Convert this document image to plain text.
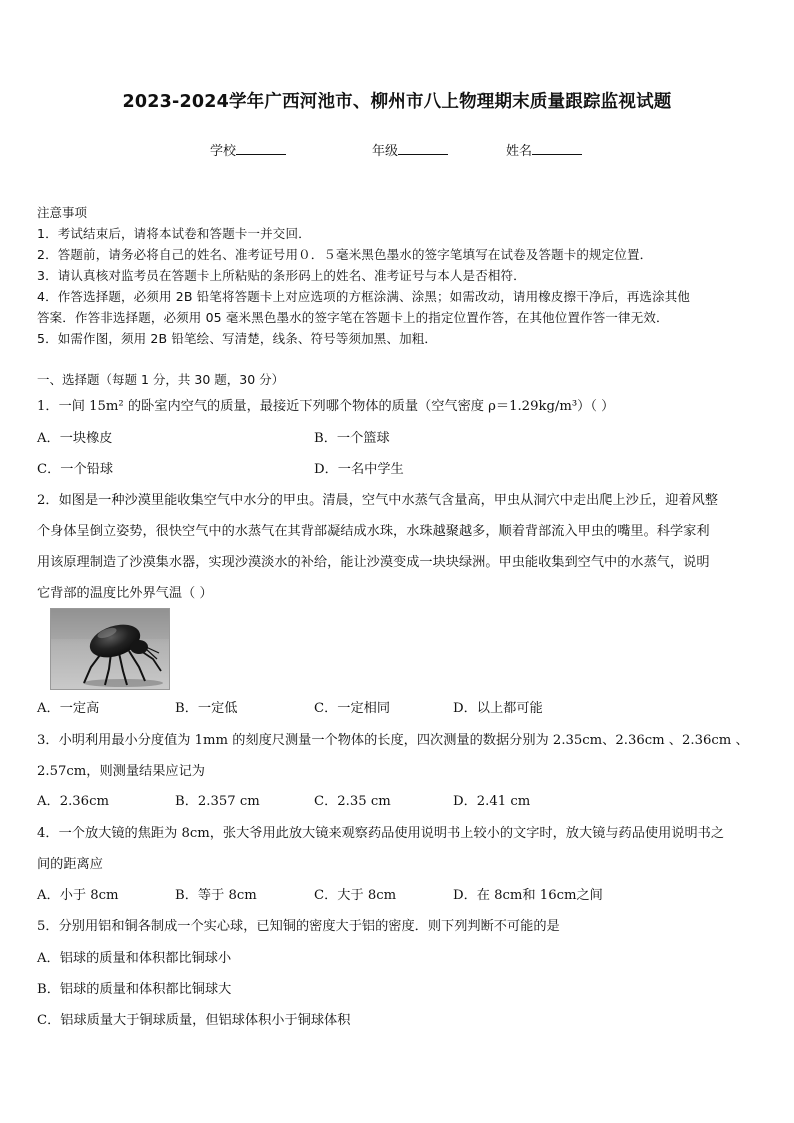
2023-2024学年广西河池市、柳州市八上物理期末质量跟踪监视试题
学校	年级	姓名
注意事项
1．考试结束后，请将本试卷和答题卡一并交回．
2．答题前，请务必将自己的姓名、准考证号用０．５毫米黑色墨水的签字笔填写在试卷及答题卡的规定位置．
3．请认真核对监考员在答题卡上所粘贴的条形码上的姓名、准考证号与本人是否相符．
4．作答选择题，必须用 2B 铅笔将答题卡上对应选项的方框涂满、涂黑；如需改动，请用橡皮擦干净后，再选涂其他
答案．作答非选择题，必须用 05 毫米黑色墨水的签字笔在答题卡上的指定位置作答，在其他位置作答一律无效．
5．如需作图，须用 2B 铅笔绘、写清楚，线条、符号等须加黑、加粗．
一、选择题（每题 1 分，共 30 题，30 分）
1．一间 15m² 的卧室内空气的质量，最接近下列哪个物体的质量（空气密度 ρ＝1.29kg/m³）（ ）
A．一块橡皮	B．一个篮球
C．一个铅球	D．一名中学生
2．如图是一种沙漠里能收集空气中水分的甲虫。清晨，空气中水蒸气含量高，甲虫从洞穴中走出爬上沙丘，迎着风整
个身体呈倒立姿势，很快空气中的水蒸气在其背部凝结成水珠，水珠越聚越多，顺着背部流入甲虫的嘴里。科学家利
用该原理制造了沙漠集水器，实现沙漠淡水的补给，能让沙漠变成一块块绿洲。甲虫能收集到空气中的水蒸气，说明
它背部的温度比外界气温（ ）
A．一定高	B．一定低	C．一定相同	D．以上都可能
3．小明利用最小分度值为 1mm 的刻度尺测量一个物体的长度，四次测量的数据分别为 2.35cm、2.36cm 、2.36cm 、
2.57cm，则测量结果应记为
A．2.36cm	B．2.357 cm	C．2.35 cm	D．2.41 cm
4．一个放大镜的焦距为 8cm，张大爷用此放大镜来观察药品使用说明书上较小的文字时，放大镜与药品使用说明书之
间的距离应
A．小于 8cm	B．等于 8cm	C．大于 8cm	D．在 8cm和 16cm之间
5．分别用铝和铜各制成一个实心球，已知铜的密度大于铝的密度．则下列判断不可能的是
A．铝球的质量和体积都比铜球小
B．铝球的质量和体积都比铜球大
C．铝球质量大于铜球质量，但铝球体积小于铜球体积
